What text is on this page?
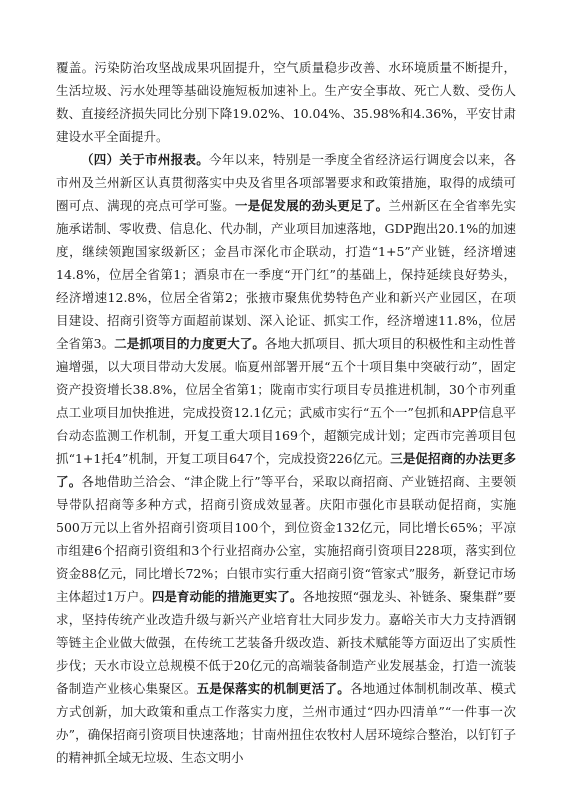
覆盖。污染防治攻坚战成果巩固提升，空气质量稳步改善、水环境质量不断提升，生活垃圾、污水处理等基础设施短板加速补上。生产安全事故、死亡人数、受伤人数、直接经济损失同比分别下降19.02%、10.04%、35.98%和4.36%，平安甘肃建设水平全面提升。

（四）关于市州报表。今年以来，特别是一季度全省经济运行调度会以来，各市州及兰州新区认真贯彻落实中央及省里各项部署要求和政策措施，取得的成绩可圈可点、满现的亮点可学可鉴。一是促发展的劲头更足了。兰州新区在全省率先实施承诺制、零收费、信息化、代办制，产业项目加速落地，GDP跑出20.1%的加速度，继续领跑国家级新区；金昌市深化市企联动，打造“1+5”产业链，经济增速14.8%，位居全省第1；酒泉市在一季度“开门红”的基础上，保持延续良好势头，经济增速12.8%，位居全省第2；张掖市聚焦优势特色产业和新兴产业园区，在项目建设、招商引资等方面超前谋划、深入论证、抓实工作，经济增速11.8%，位居全省第3。二是抓项目的力度更大了。各地大抓项目、抓大项目的积极性和主动性普遍增强，以大项目带动大发展。临夏州部署开展“五个十项目集中突破行动”，固定资产投资增长38.8%，位居全省第1；陇南市实行项目专员推进机制，30个市列重点工业项目加快推进，完成投资12.1亿元；武威市实行“五个一”包抓和APP信息平台动态监测工作机制，开复工重大项目169个，超额完成计划；定西市完善项目包抓“1+1托4”机制，开复工项目647个，完成投资226亿元。三是促招商的办法更多了。各地借助兰洽会、“津企陇上行”等平台，采取以商招商、产业链招商、主要领导带队招商等多种方式，招商引资成效显著。庆阳市强化市县联动促招商，实施500万元以上省外招商引资项目100个，到位资金132亿元，同比增长65%；平凉市组建6个招商引资组和3个行业招商办公室，实施招商引资项目228项，落实到位资金88亿元，同比增长72%；白银市实行重大招商引资“管家式”服务，新登记市场主体超过1万户。四是育动能的措施更实了。各地按照“强龙头、补链条、聚集群”要求，坚持传统产业改造升级与新兴产业培育壮大同步发力。嘉峪关市大力支持酒钢等链主企业做大做强，在传统工艺装备升级改造、新技术赋能等方面迈出了实质性步伐；天水市设立总规模不低于20亿元的高端装备制造产业发展基金，打造一流装备制造产业核心集聚区。五是保落实的机制更活了。各地通过体制机制改革、模式方式创新，加大政策和重点工作落实力度，兰州市通过“四办四清单”“一件事一次办”，确保招商引资项目快速落地；甘南州扭住农牧村人居环境综合整治，以钉钉子的精神抓全域无垃圾、生态文明小
